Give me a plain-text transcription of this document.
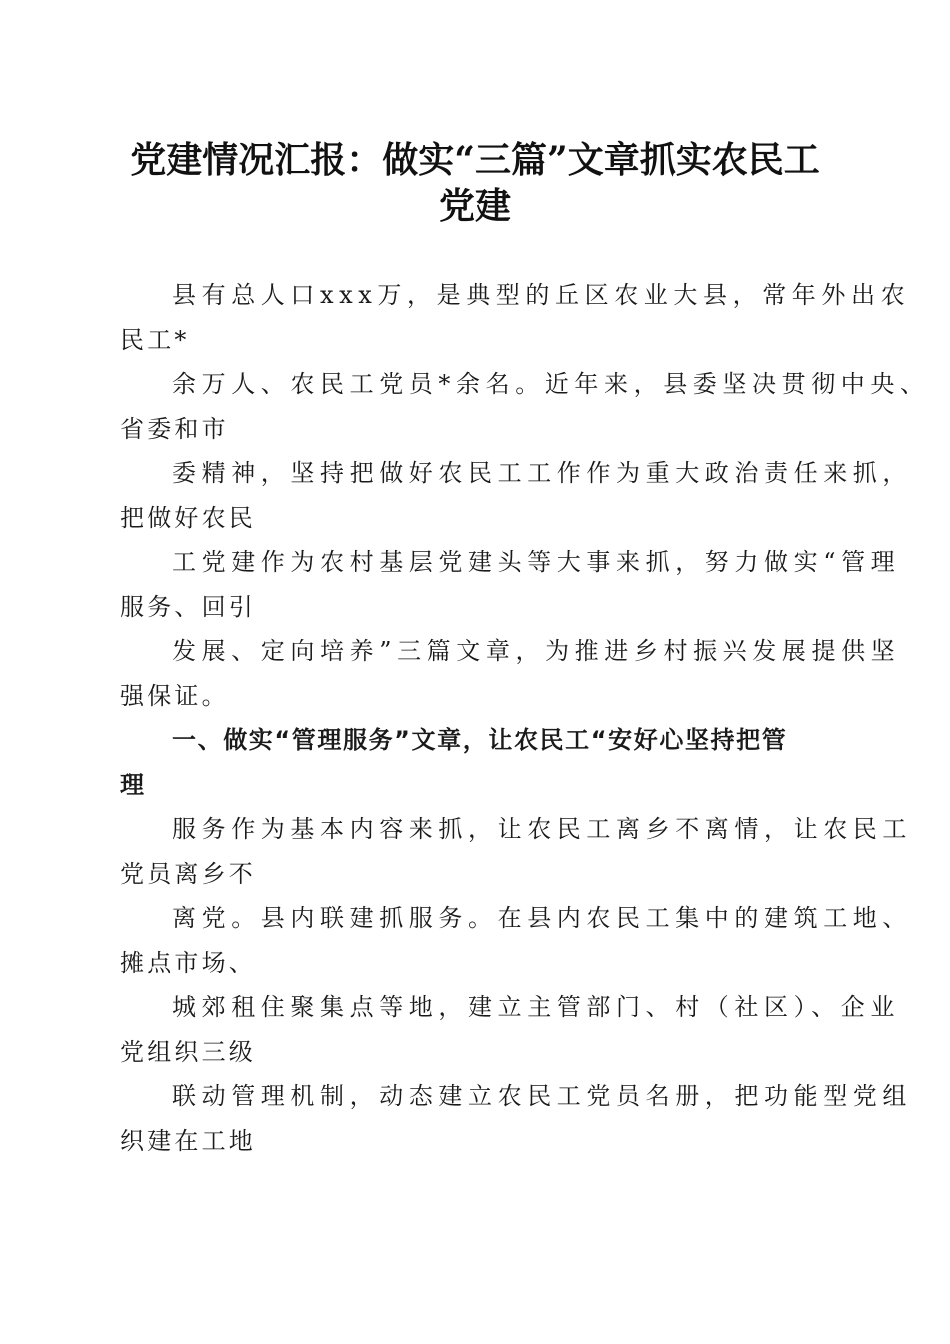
党建情况汇报：做实“三篇”文章抓实农民工
党建
县有总人口xxx万，是典型的丘区农业大县，常年外出农
民工*
余万人、农民工党员*余名。近年来，县委坚决贯彻中央、
省委和市
委精神，坚持把做好农民工工作作为重大政治责任来抓，
把做好农民
工党建作为农村基层党建头等大事来抓，努力做实“管理
服务、回引
发展、定向培养”三篇文章，为推进乡村振兴发展提供坚
强保证。
一、做实“管理服务”文章，让农民工“安好心坚持把管
理
服务作为基本内容来抓，让农民工离乡不离情，让农民工
党员离乡不
离党。县内联建抓服务。在县内农民工集中的建筑工地、
摊点市场、
城郊租住聚集点等地，建立主管部门、村（社区）、企业
党组织三级
联动管理机制，动态建立农民工党员名册，把功能型党组
织建在工地
